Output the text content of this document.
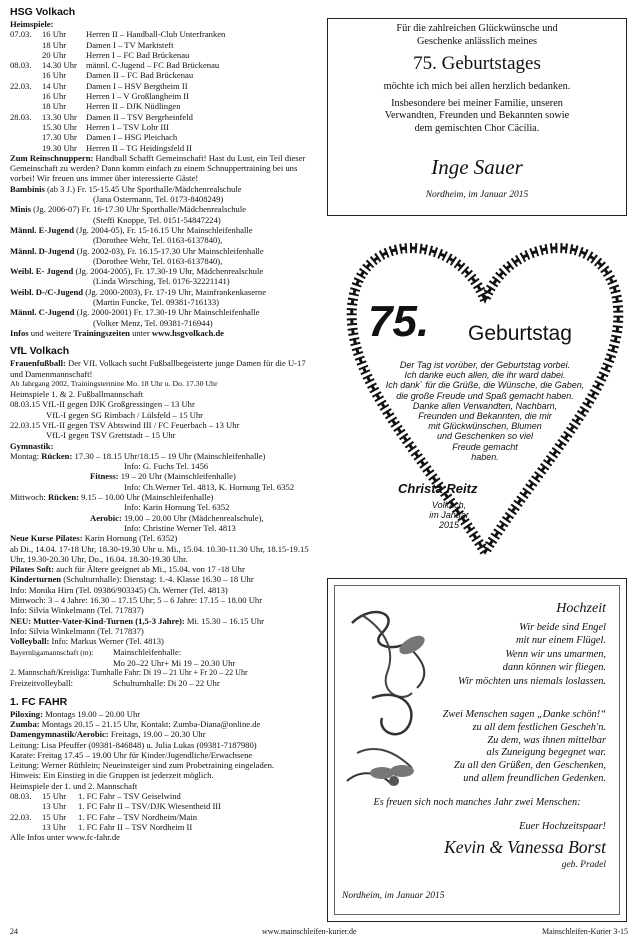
HSG Volkach
Heimspiele:
07.03.	16 Uhr	Herren II – Handball-Club Unterfranken
18 Uhr	Damen I – TV Marktsteft
20 Uhr	Herren I – FC Bad Brückenau
08.03.	14.30 Uhr	männl. C-Jugend – FC Bad Brückenau
16 Uhr	Damen II – FC Bad Brückenau
22.03.	14 Uhr	Damen I – HSV Bergtheim II
16 Uhr	Herren I – V Großlangheim II
18 Uhr	Herren II – DJK Nüdlingen
28.03.	13.30 Uhr	Damen II – TSV Bergrheinfeld
15.30 Uhr	Herren I – TSV Lohr III
17.30 Uhr	Damen I – HSG Pleichach
19.30 Uhr	Herren II – TG Heidingsfeld II
Zum Reinschnuppern: Handball Schafft Gemeinschaft! Hast du Lust, ein Teil dieser Gemeinschaft zu werden? Dann komm einfach zu einem Schnuppertraining bei uns vorbei! Wir freuen uns immer über interessierte Gäste!
Bambinis (ab 3 J.) Fr. 15-15.45 Uhr Sporthalle/Mädchenrealschule
(Jana Ostermann, Tel. 0173-8408249)
Minis (Jg. 2006-07) Fr. 16-17.30 Uhr Sporthalle/Mädchenrealschule
(Steffi Knoppe, Tel. 0151-54847224)
Männl. E-Jugend (Jg. 2004-05), Fr. 15-16.15 Uhr Mainschleifenhalle
(Dorothee Wehr, Tel. 0163-6137840),
Männl. D-Jugend (Jg. 2002-03), Fr. 16.15-17.30 Uhr Mainschleifenhalle
(Dorothee Wehr, Tel. 0163-6137840),
Weibl. E- Jugend (Jg. 2004-2005), Fr. 17.30-19 Uhr, Mädchenrealschule
(Linda Wirsching, Tel. 0176-32221141)
Weibl. D-/C-Jugend (Jg. 2000-2003), Fr. 17-19 Uhr, Mainfrankenkaserne
(Martin Funcke, Tel. 09381-716133)
Männl. C-Jugend (Jg. 2000-2001) Fr. 17.30-19 Uhr Mainschleifenhalle
(Volker Menz, Tel. 09381-716944)
Infos und weitere Trainingszeiten unter www.hsgvolkach.de
VfL Volkach
Frauenfußball: Der VfL Volkach sucht Fußballbegeisterte junge Damen für die U-17 und Damenmannschaft!
Ab Jahrgang 2002, Trainingstermine Mo. 18 Uhr u. Do. 17.30 Uhr
Heimspiele 1. & 2. Fußballmannschaft
08.03.15 VfL-II gegen DJK Großgressingen – 13 Uhr
VfL-I gegen SG Rimbach / Lülsfeld – 15 Uhr
22.03.15 VfL-II gegen TSV Abtswind III / FC Feuerbach – 13 Uhr
VfL-I gegen TSV Grettstadt – 15 Uhr
Gymnastik:
Montag: Rücken: 17.30 – 18.15 Uhr/18.15 – 19 Uhr (Mainschleifenhalle)
Info: G. Fuchs Tel. 1456
Fitness: 19 – 20 Uhr (Mainschleifenhalle)
Info: Ch.Werner Tel. 4813, K. Hornung Tel. 6352
Mittwoch: Rücken: 9.15 – 10.00 Uhr (Mainschleifenhalle)
Info: Karin Hornung Tel. 6352
Aerobic: 19.00 – 20.00 Uhr (Mädchenrealschule),
Info: Christine Werner Tel. 4813
Neue Kurse Pilates: Karin Hornung (Tel. 6352)
ab Di., 14.04. 17-18 Uhr, 18.30-19.30 Uhr u. Mi., 15.04. 10.30-11.30 Uhr, 18.15-19.15 Uhr, 19.30-20.30 Uhr, Do., 16.04. 18.30-19.30 Uhr.
Pilates Soft: auch für Ältere geeignet ab Mi., 15.04. von 17 -18 Uhr
Kinderturnen (Schulturnhalle): Dienstag: 1.-4. Klasse 16.30 – 18 Uhr
Info: Monika Hirn (Tel. 09386/903345) Ch. Werner (Tel. 4813)
Mittwoch: 3 – 4 Jahre: 16.30 – 17.15 Uhr; 5 – 6 Jahre: 17.15 – 18.00 Uhr
Info: Silvia Winkelmann (Tel. 717837)
NEU: Mutter-Vater-Kind-Turnen (1,5-3 Jahre): Mi. 15.30 – 16.15 Uhr
Info: Silvia Winkelmann (Tel. 717837)
Volleyball: Info: Markus Werner (Tel. 4813)
Bayernligamannschaft (m): Mainschleifenhalle:
Mo 20–22 Uhr+ Mi 19 – 20.30 Uhr
2. Mannschaft/Kreisliga: Turnhalle Fahr: Di 19 – 21 Uhr + Fr 20 – 22 Uhr
Freizeitvolleyball:	Schulturnhalle: Di 20 – 22 Uhr
1. FC FAHR
Piloxing: Montags 19.00 – 20.00 Uhr
Zumba: Montags 20.15 – 21.15 Uhr, Kontakt: Zumba-Diana@online.de
Damengymnastik/Aerobic: Freitags, 19.00 – 20.30 Uhr
Leitung: Lisa Pfeuffer (09381-846848) u. Julia Lukas (09381-7187980)
Karate: Freitag 17.45 – 19.00 Uhr für Kinder/Jugendliche/Erwachsene
Leitung: Werner Rüthlein; Neueinsteiger sind zum Probetraining eingeladen.
Hinweis: Ein Einstieg in die Gruppen ist jederzeit möglich.
Heimspiele der 1. und 2. Mannschaft
08.03.	15 Uhr	1. FC Fahr – TSV Geiselwind
13 Uhr	1. FC Fahr II – TSV/DJK Wiesentheid III
22.03.	15 Uhr	1. FC Fahr – TSV Nordheim/Main
13 Uhr	1. FC Fahr II – TSV Nordheim II
Alle Infos unter www.fc-fahr.de
Für die zahlreichen Glückwünsche und
Geschenke anlässlich meines
75. Geburtstages
möchte ich mich bei allen herzlich bedanken.
Insbesondere bei meiner Familie, unseren
Verwandten, Freunden und Bekannten sowie
dem gemischten Chor Cäcilia.
Inge Sauer
Nordheim, im Januar 2015
75. Geburtstag
Der Tag ist vorüber, der Geburtstag vorbei.
Ich danke euch allen, die ihr ward dabei.
Ich dank` für die Grüße, die Wünsche, die Gaben,
die große Freude und Spaß gemacht haben.
Danke allen Verwandten, Nachbarn,
Freunden und Bekannten, die mir
mit Glückwünschen, Blumen
und Geschenken so viel
Freude gemacht
haben.
Christa Reitz
Volkach,
im Januar
2015
Hochzeit
Wir beide sind Engel
mit nur einem Flügel.
Wenn wir uns umarmen,
dann können wir fliegen.
Wir möchten uns niemals loslassen.
Zwei Menschen sagen „Danke schön!“
zu all dem festlichen Gescheh'n.
Zu dem, was ihnen mittelbar
als Zuneigung begegnet war.
Zu all den Grüßen, den Geschenken,
und allem freundlichen Gedenken.
Es freuen sich noch manches Jahr zwei Menschen:
Euer Hochzeitspaar!
Kevin & Vanessa Borst
geb. Pradel
Nordheim, im Januar 2015
24	www.mainschleifen-kurier.de	Mainschleifen-Kurier 3-15
